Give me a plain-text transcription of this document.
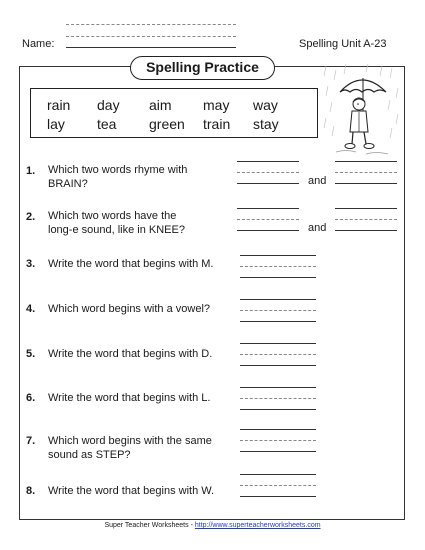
Name:	Spelling Unit A-23
Spelling Practice
rain day aim may way
lay tea green train stay
1. Which two words rhyme with
BRAIN?	and
2. Which two words have the
long-e sound, like in KNEE?	and
3. Write the word that begins with M.
4. Which word begins with a vowel?
5. Write the word that begins with D.
6. Write the word that begins with L.
7. Which word begins with the same
sound as STEP?
8. Write the word that begins with W.
Super Teacher Worksheets - http://www.superteacherworksheets.com
